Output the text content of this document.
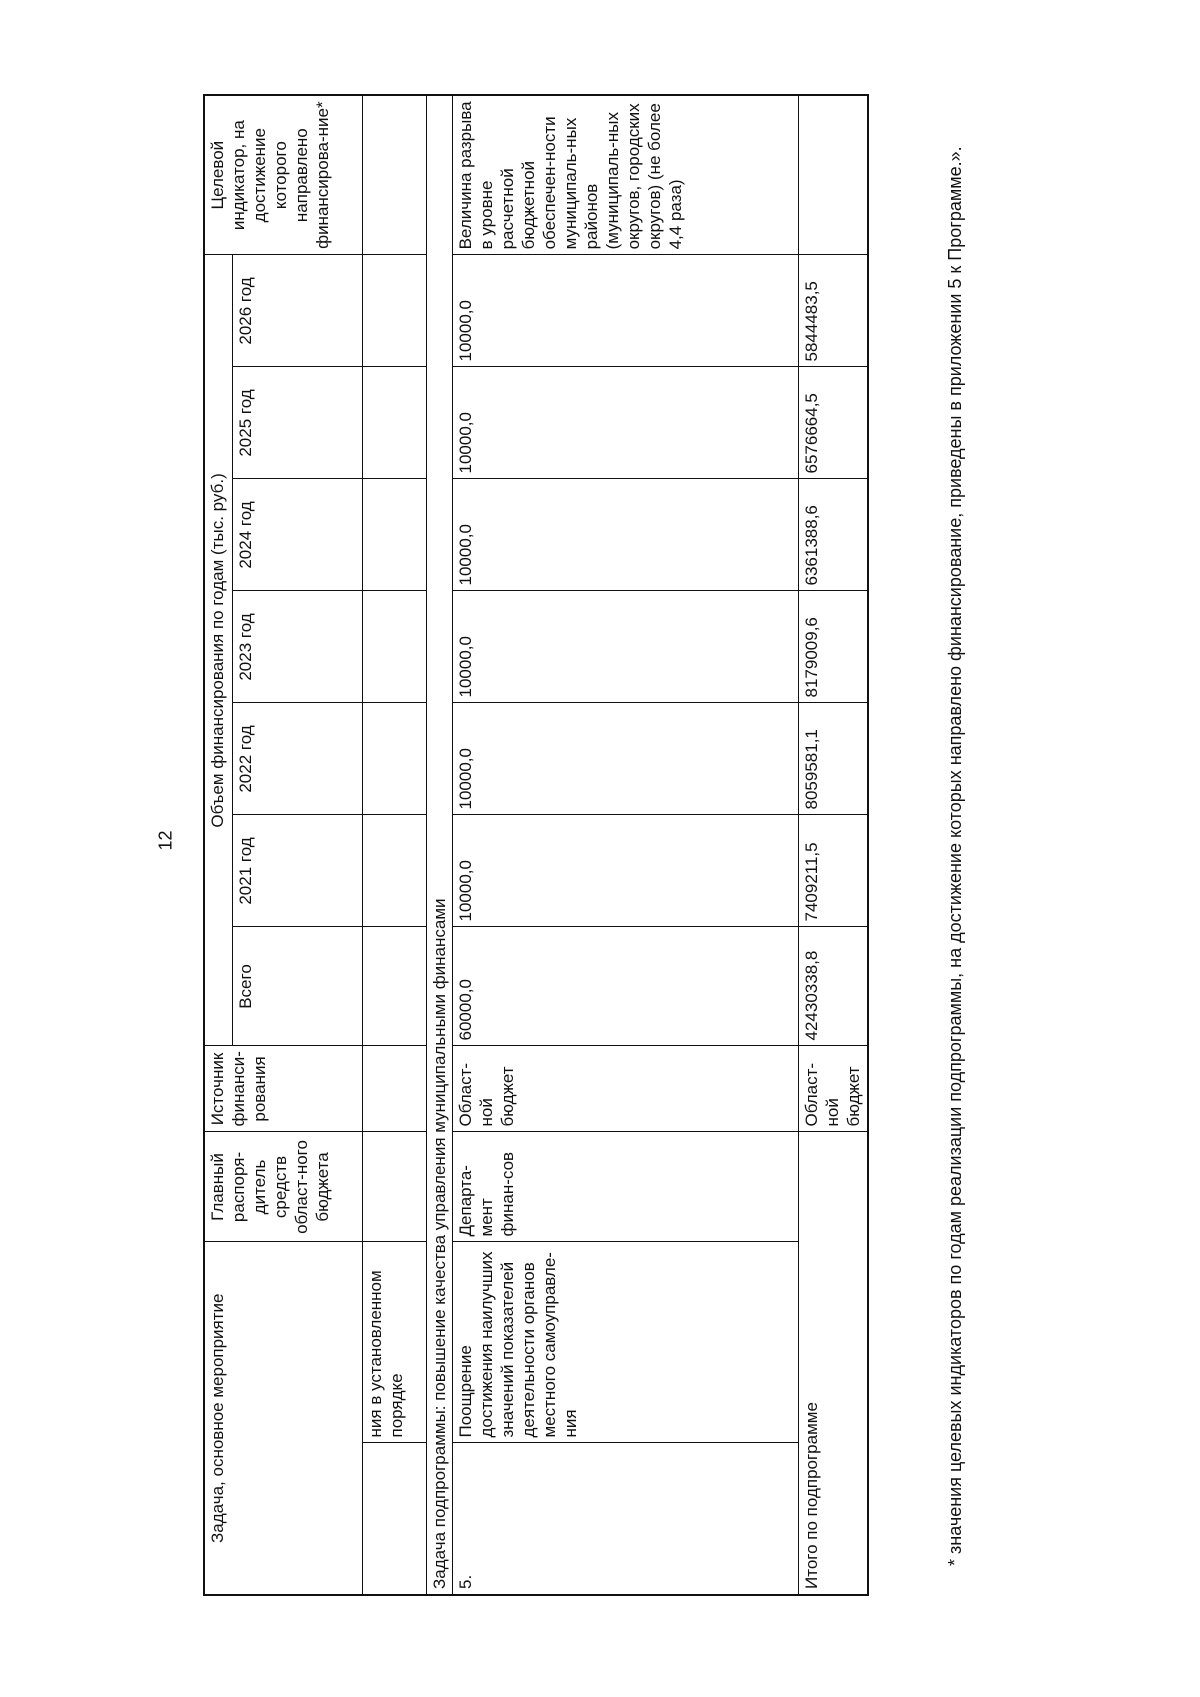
12
Задача, основное мероприятие		Главный распоря-дитель средств област-ного бюджета	Источник финанси-рования	Объем финансирования по годам (тыс. руб.)							Целевой индикатор, на достижение которого направлено финансирова-ние*
				Всего	2021 год	2022 год	2023 год	2024 год	2025 год	2026 год	
	ния в установленном порядке										
Задача подпрограммы: повышение качества управления муниципальными финансами											
5.	Поощрение достижения наилучших значений показателей деятельности органов местного самоуправле-ния	Департа-мент финан-сов	Област-ной бюджет	60000,0	10000,0	10000,0	10000,0	10000,0	10000,0	10000,0	Величина разрыва в уровне расчетной бюджетной обеспечен-ности муниципаль-ных районов (муниципаль-ных округов, городских округов) (не более 4,4 раза)
Итого по подпрограмме			Област-ной бюджет	42430338,8	7409211,5	8059581,1	8179009,6	6361388,6	6576664,5	5844483,5		* значения целевых индикаторов по годам реализации подпрограммы, на достижение которых направлено финансирование, приведены в приложении 5 к Программе.».
